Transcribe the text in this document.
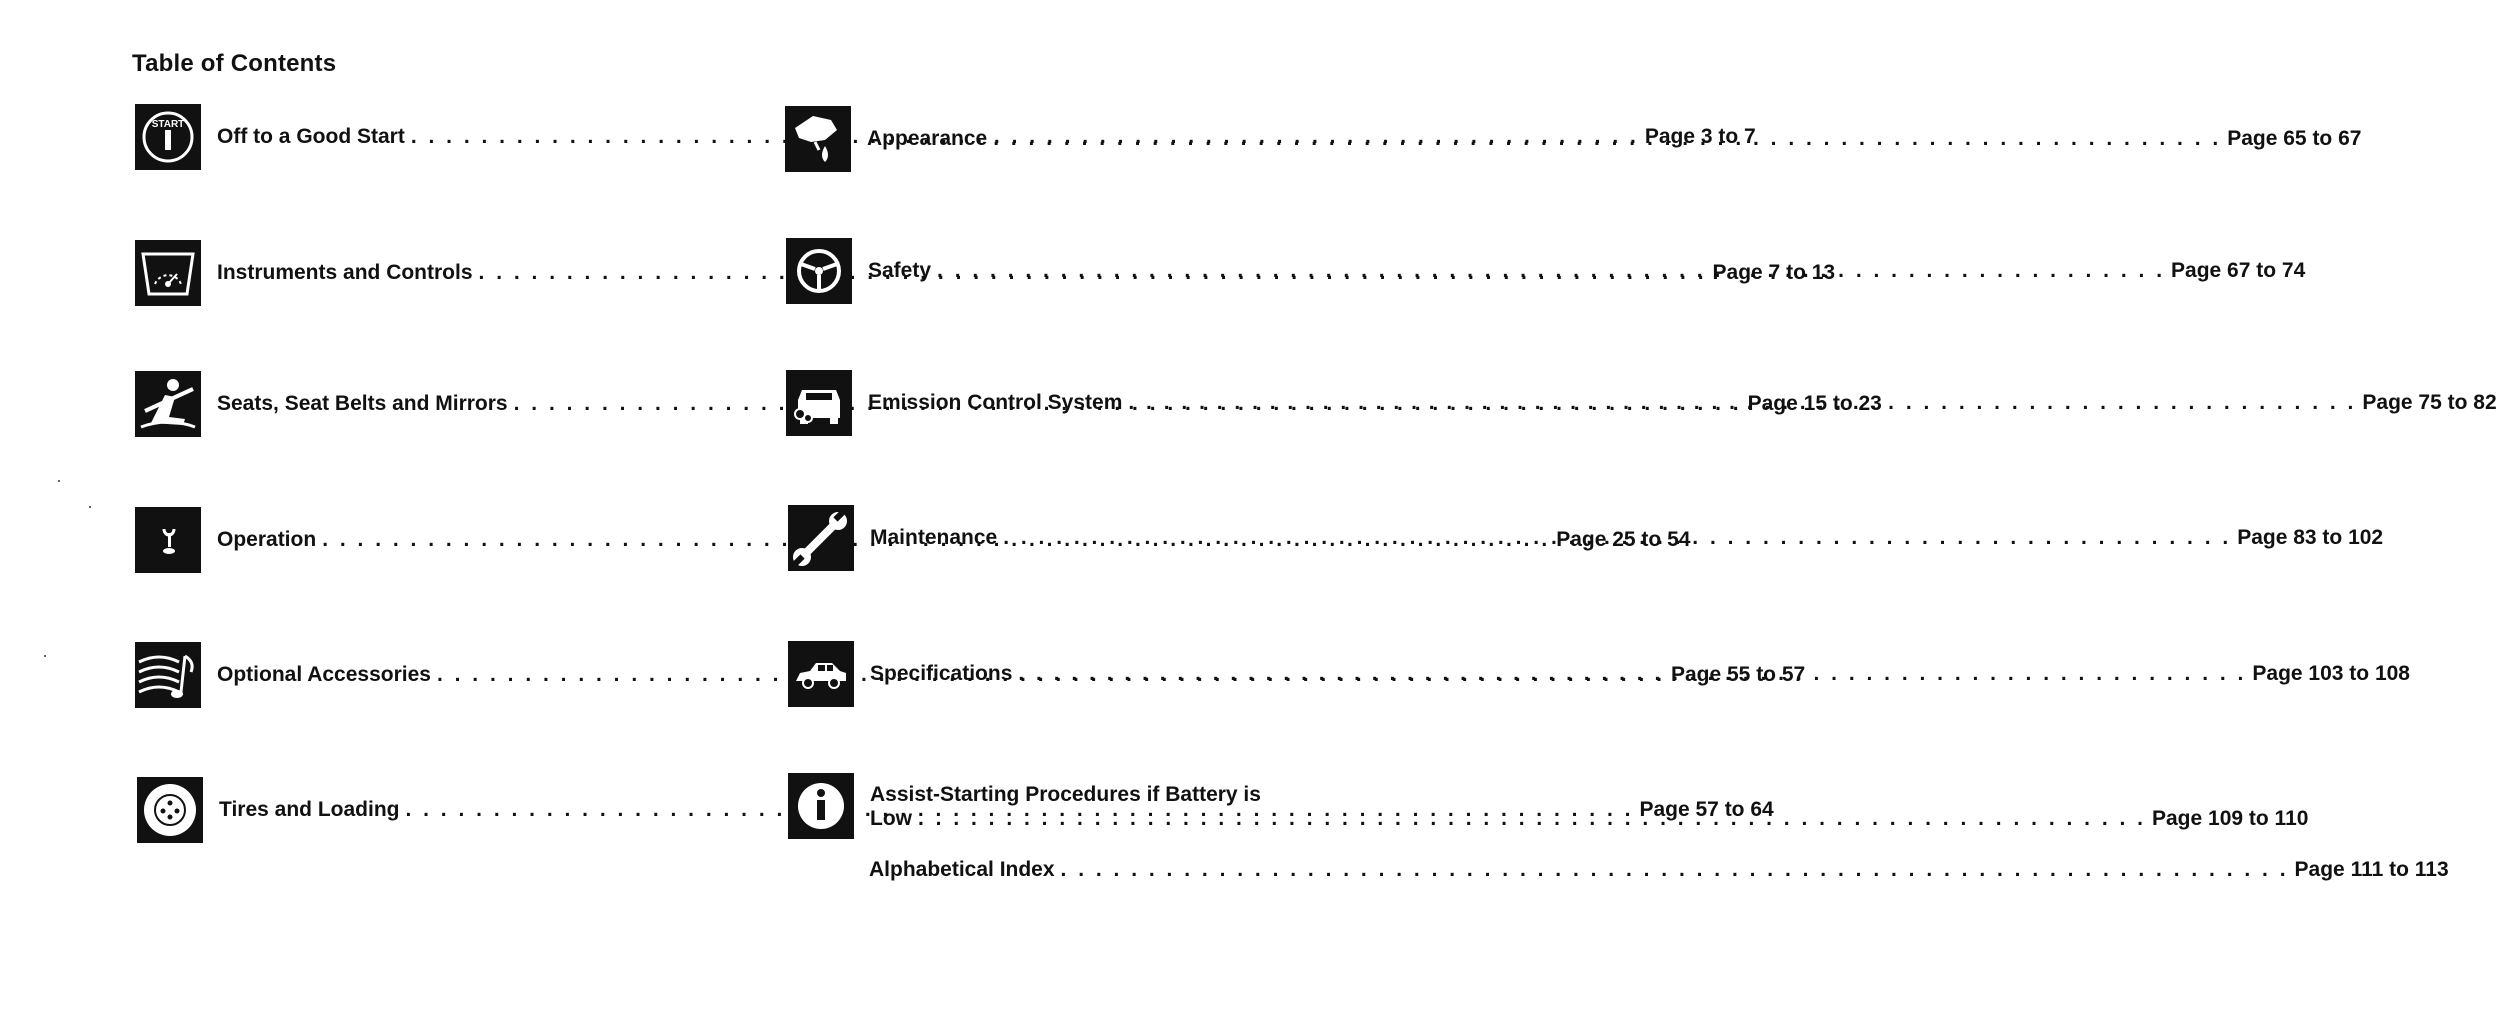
Table of Contents
START
Off to a Good Start . . .	Page 3 to 7
Instruments and Controls . . .	Page 7 to 13
Seats, Seat Belts and Mirrors . . .	Page 15 to 23
Operation . . .	Page 25 to 54
Optional Accessories . . .	Page 55 to 57
Tires and Loading . . .	Page 57 to 64
Appearance . . .	Page 65 to 67
Safety . . .	Page 67 to 74
Emission Control System . . .	Page 75 to 82
Maintenance . . .	Page 83 to 102
Specifications . . .	Page 103 to 108
Assist-Starting Procedures if Battery is
Low . . .	Page 109 to 110
Alphabetical Index . . .	Page 111 to 113
